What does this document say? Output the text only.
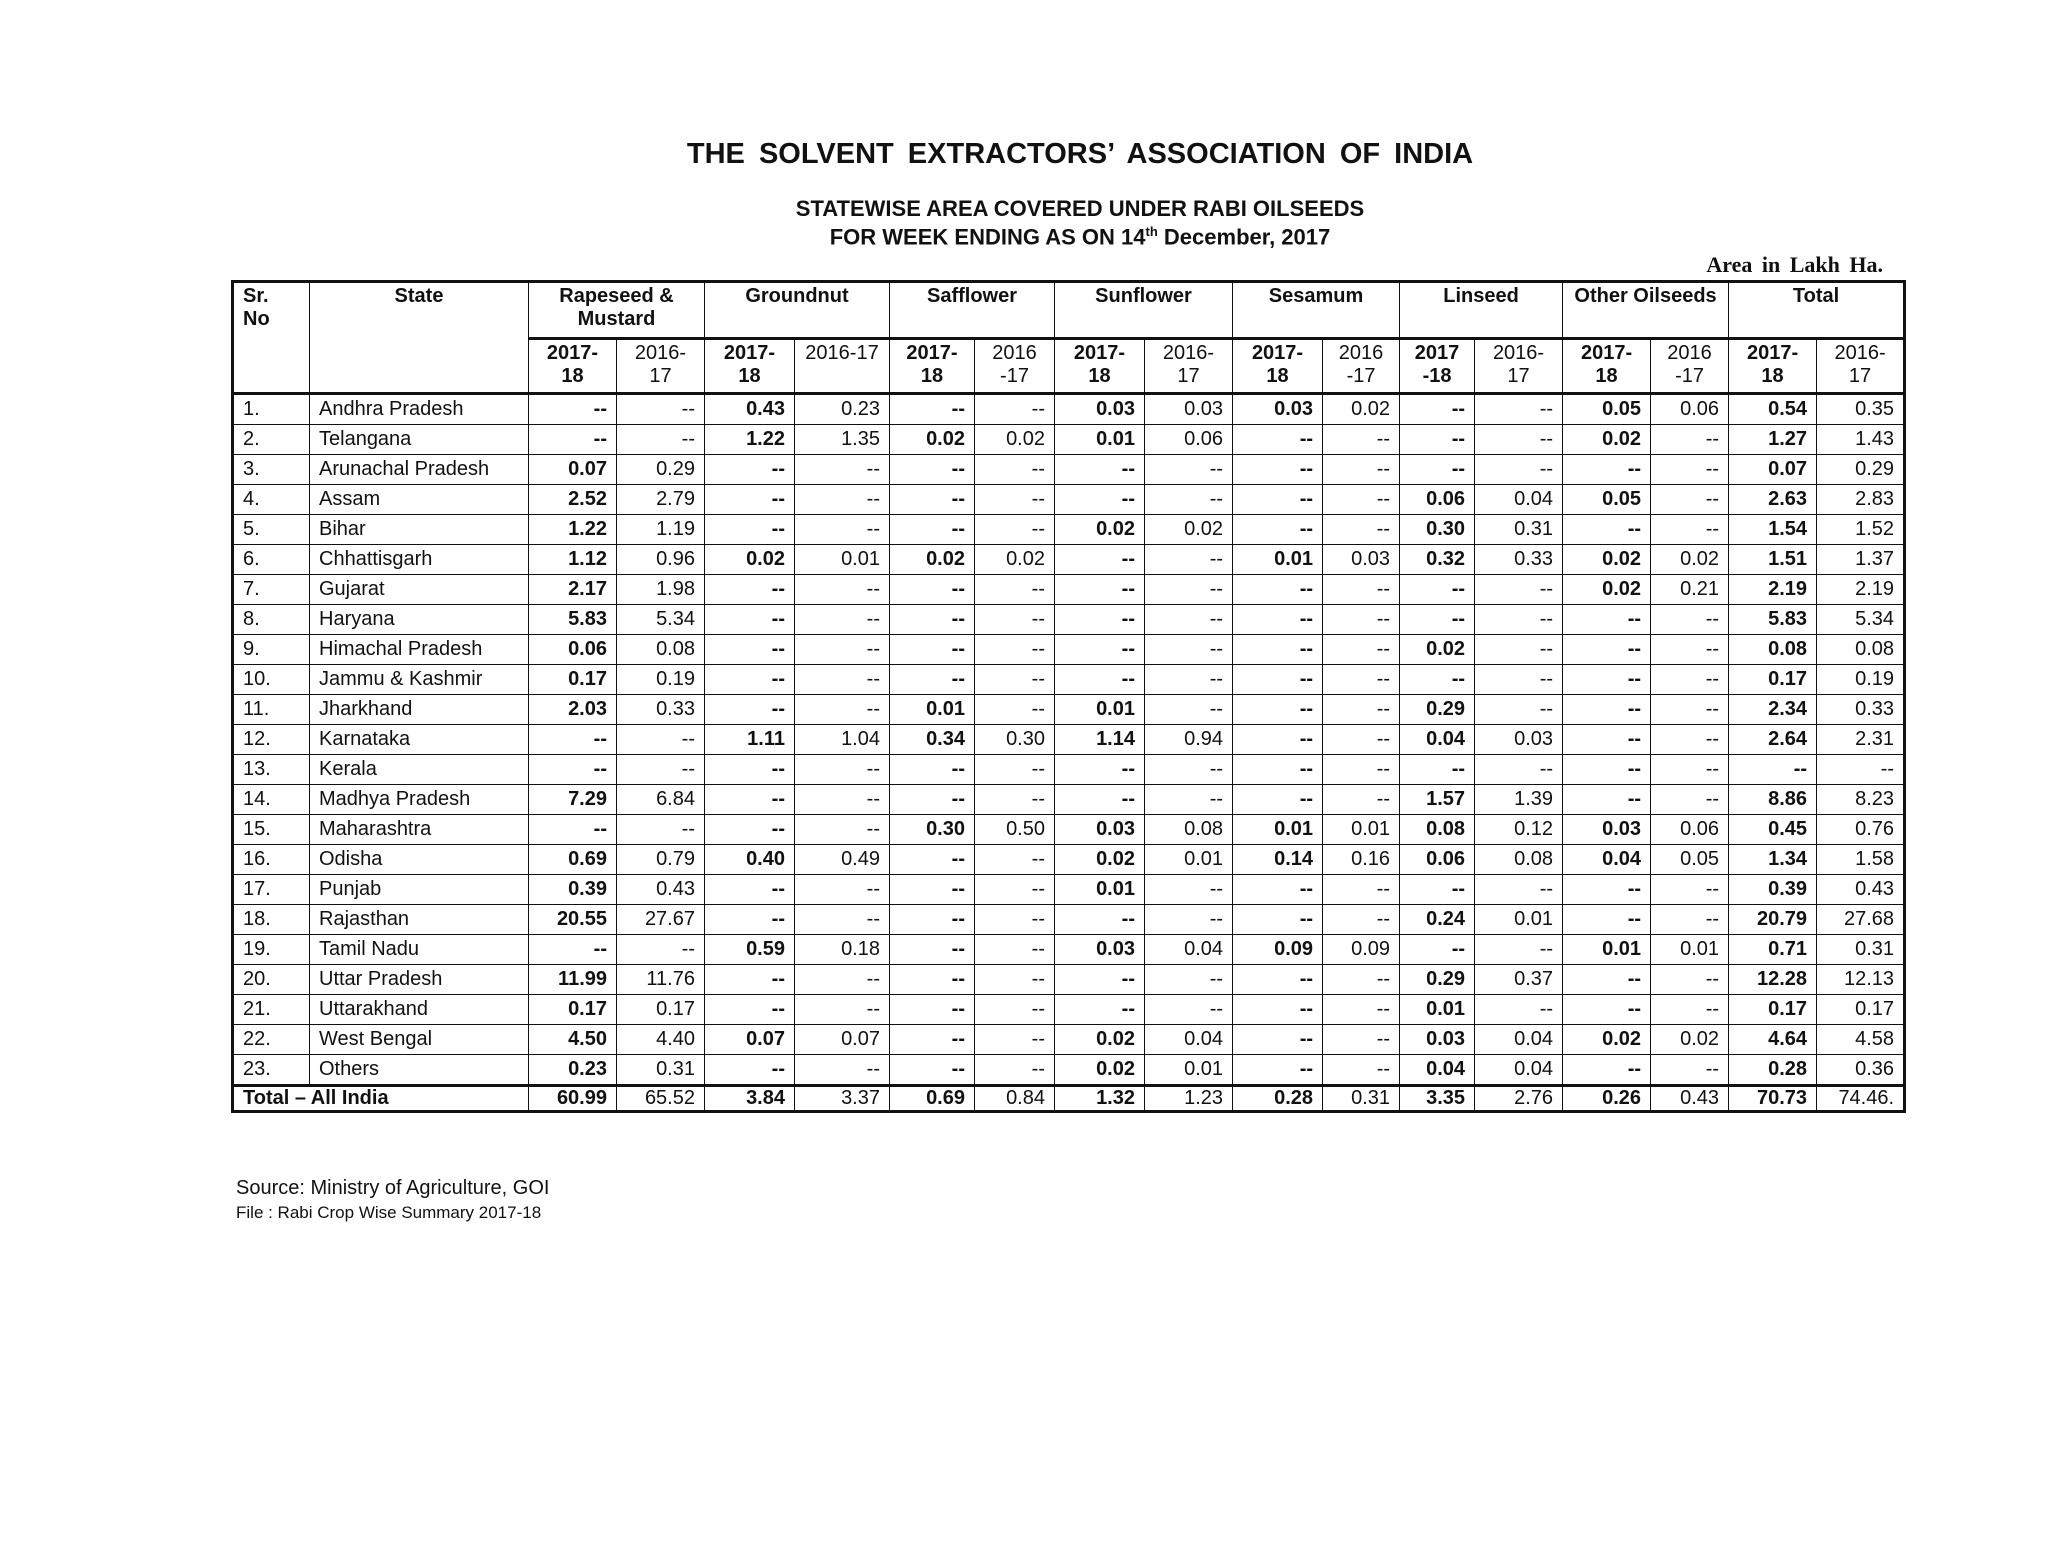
THE SOLVENT EXTRACTORS’ ASSOCIATION OF INDIA
STATEWISE AREA COVERED UNDER RABI OILSEEDS
FOR WEEK ENDING AS ON 14th December, 2017
Area in Lakh Ha.
Sr. No	State	Rapeseed & Mustard		Groundnut		Safflower		Sunflower		Sesamum		Linseed		Other Oilseeds		Total	
		2017-18	2016-17	2017-18	2016-17	2017-18	2016 -17	2017-18	2016-17	2017-18	2016 -17	2017 -18	2016-17	2017-18	2016 -17	2017-18	2016-17
1.	Andhra Pradesh	--	--	0.43	0.23	--	--	0.03	0.03	0.03	0.02	--	--	0.05	0.06	0.54	0.35
2.	Telangana	--	--	1.22	1.35	0.02	0.02	0.01	0.06	--	--	--	--	0.02	--	1.27	1.43
3.	Arunachal Pradesh	0.07	0.29	--	--	--	--	--	--	--	--	--	--	--	--	0.07	0.29
4.	Assam	2.52	2.79	--	--	--	--	--	--	--	--	0.06	0.04	0.05	--	2.63	2.83
5.	Bihar	1.22	1.19	--	--	--	--	0.02	0.02	--	--	0.30	0.31	--	--	1.54	1.52
6.	Chhattisgarh	1.12	0.96	0.02	0.01	0.02	0.02	--	--	0.01	0.03	0.32	0.33	0.02	0.02	1.51	1.37
7.	Gujarat	2.17	1.98	--	--	--	--	--	--	--	--	--	--	0.02	0.21	2.19	2.19
8.	Haryana	5.83	5.34	--	--	--	--	--	--	--	--	--	--	--	--	5.83	5.34
9.	Himachal Pradesh	0.06	0.08	--	--	--	--	--	--	--	--	0.02	--	--	--	0.08	0.08
10.	Jammu & Kashmir	0.17	0.19	--	--	--	--	--	--	--	--	--	--	--	--	0.17	0.19
11.	Jharkhand	2.03	0.33	--	--	0.01	--	0.01	--	--	--	0.29	--	--	--	2.34	0.33
12.	Karnataka	--	--	1.11	1.04	0.34	0.30	1.14	0.94	--	--	0.04	0.03	--	--	2.64	2.31
13.	Kerala	--	--	--	--	--	--	--	--	--	--	--	--	--	--	--	--
14.	Madhya Pradesh	7.29	6.84	--	--	--	--	--	--	--	--	1.57	1.39	--	--	8.86	8.23
15.	Maharashtra	--	--	--	--	0.30	0.50	0.03	0.08	0.01	0.01	0.08	0.12	0.03	0.06	0.45	0.76
16.	Odisha	0.69	0.79	0.40	0.49	--	--	0.02	0.01	0.14	0.16	0.06	0.08	0.04	0.05	1.34	1.58
17.	Punjab	0.39	0.43	--	--	--	--	0.01	--	--	--	--	--	--	--	0.39	0.43
18.	Rajasthan	20.55	27.67	--	--	--	--	--	--	--	--	0.24	0.01	--	--	20.79	27.68
19.	Tamil Nadu	--	--	0.59	0.18	--	--	0.03	0.04	0.09	0.09	--	--	0.01	0.01	0.71	0.31
20.	Uttar Pradesh	11.99	11.76	--	--	--	--	--	--	--	--	0.29	0.37	--	--	12.28	12.13
21.	Uttarakhand	0.17	0.17	--	--	--	--	--	--	--	--	0.01	--	--	--	0.17	0.17
22.	West Bengal	4.50	4.40	0.07	0.07	--	--	0.02	0.04	--	--	0.03	0.04	0.02	0.02	4.64	4.58
23.	Others	0.23	0.31	--	--	--	--	0.02	0.01	--	--	0.04	0.04	--	--	0.28	0.36
Total – All India		60.99	65.52	3.84	3.37	0.69	0.84	1.32	1.23	0.28	0.31	3.35	2.76	0.26	0.43	70.73	74.46.
Source: Ministry of Agriculture, GOI
File : Rabi Crop Wise Summary 2017-18
